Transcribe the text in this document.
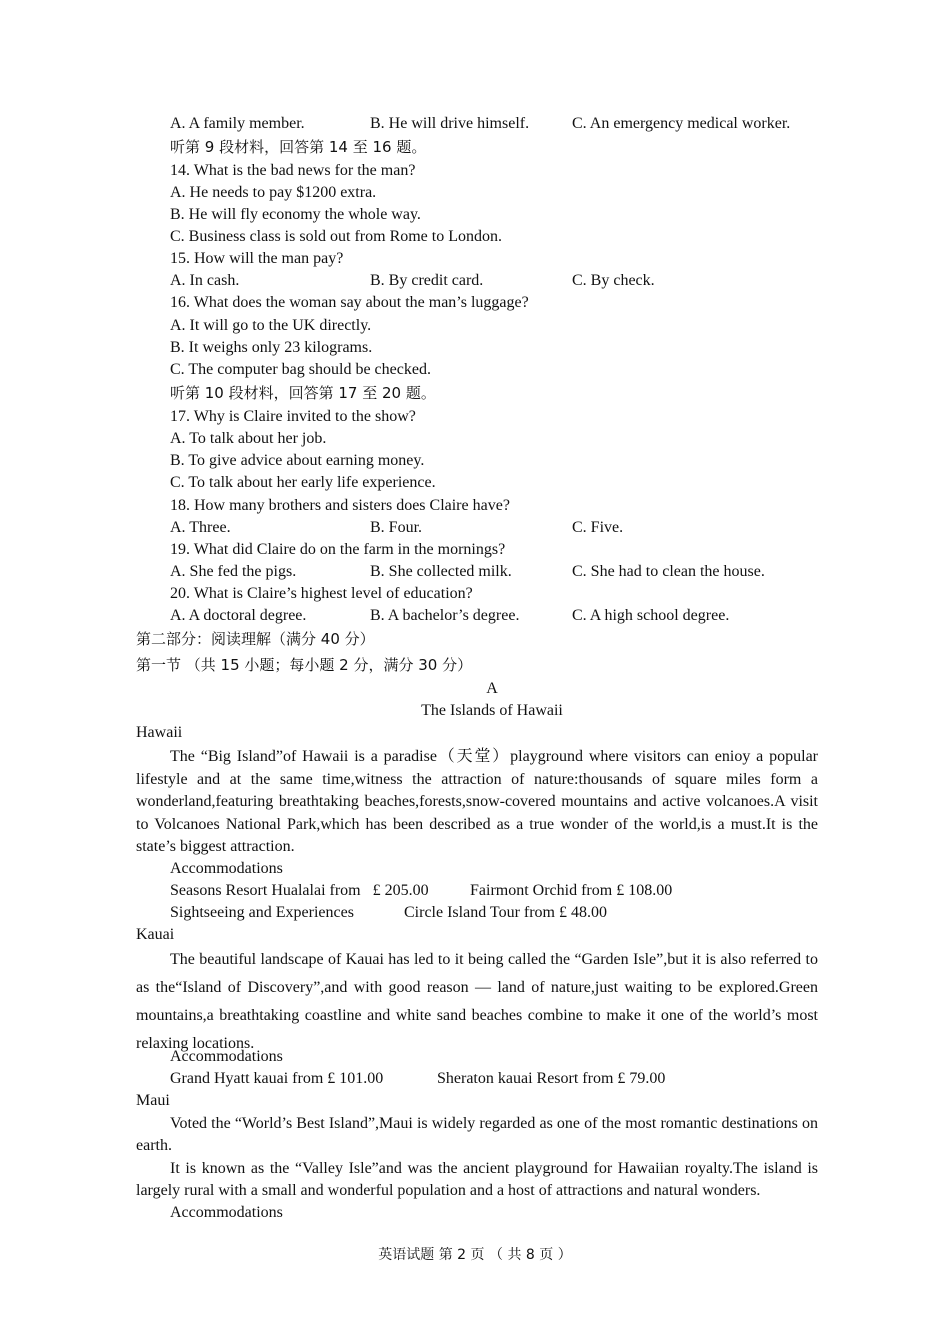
A. A family member.	B. He will drive himself.	C. An emergency medical worker.
听第 9 段材料，回答第 14 至 16 题。
14. What is the bad news for the man?
A. He needs to pay $1200 extra.
B. He will fly economy the whole way.
C. Business class is sold out from Rome to London.
15. How will the man pay?
A. In cash.	B. By credit card.	C. By check.
16. What does the woman say about the man’s luggage?
A. It will go to the UK directly.
B. It weighs only 23 kilograms.
C. The computer bag should be checked.
听第 10 段材料，回答第 17 至 20 题。
17. Why is Claire invited to the show?
A. To talk about her job.
B. To give advice about earning money.
C. To talk about her early life experience.
18. How many brothers and sisters does Claire have?
A. Three.	B. Four.	C. Five.
19. What did Claire do on the farm in the mornings?
A. She fed the pigs.	B. She collected milk.	C. She had to clean the house.
20. What is Claire’s highest level of education?
A. A doctoral degree.	B. A bachelor’s degree.	C. A high school degree.
第二部分：阅读理解（满分 40 分）
第一节 （共 15 小题；每小题 2 分，满分 30 分）
A
The Islands of Hawaii
Hawaii
The “Big Island”of Hawaii is a paradise（天堂）playground where visitors can enioy a popular lifestyle and at the same time,witness the attraction of nature:thousands of square miles form a wonderland,featuring breathtaking beaches,forests,snow-covered mountains and active volcanoes.A visit to Volcanoes National Park,which has been described as a true wonder of the world,is a must.It is the state’s biggest attraction.
Accommodations
Seasons Resort Hualalai from   £ 205.00	Fairmont Orchid from £ 108.00
Sightseeing and Experiences	Circle Island Tour from £ 48.00
Kauai
The beautiful landscape of Kauai has led to it being called the “Garden Isle”,but it is also referred to as the“Island of Discovery”,and with good reason — land of nature,just waiting to be explored.Green mountains,a breathtaking coastline and white sand beaches combine to make it one of the world’s most relaxing locations.
Accommodations
Grand Hyatt kauai from £ 101.00	Sheraton kauai Resort from £ 79.00
Maui
Voted the “World’s Best Island”,Maui is widely regarded as one of the most romantic destinations on earth.
It is known as the “Valley Isle”and was the ancient playground for Hawaiian royalty.The island is largely rural with a small and wonderful population and a host of attractions and natural wonders.
Accommodations
英语试题 第 2 页 （ 共 8 页 ）
